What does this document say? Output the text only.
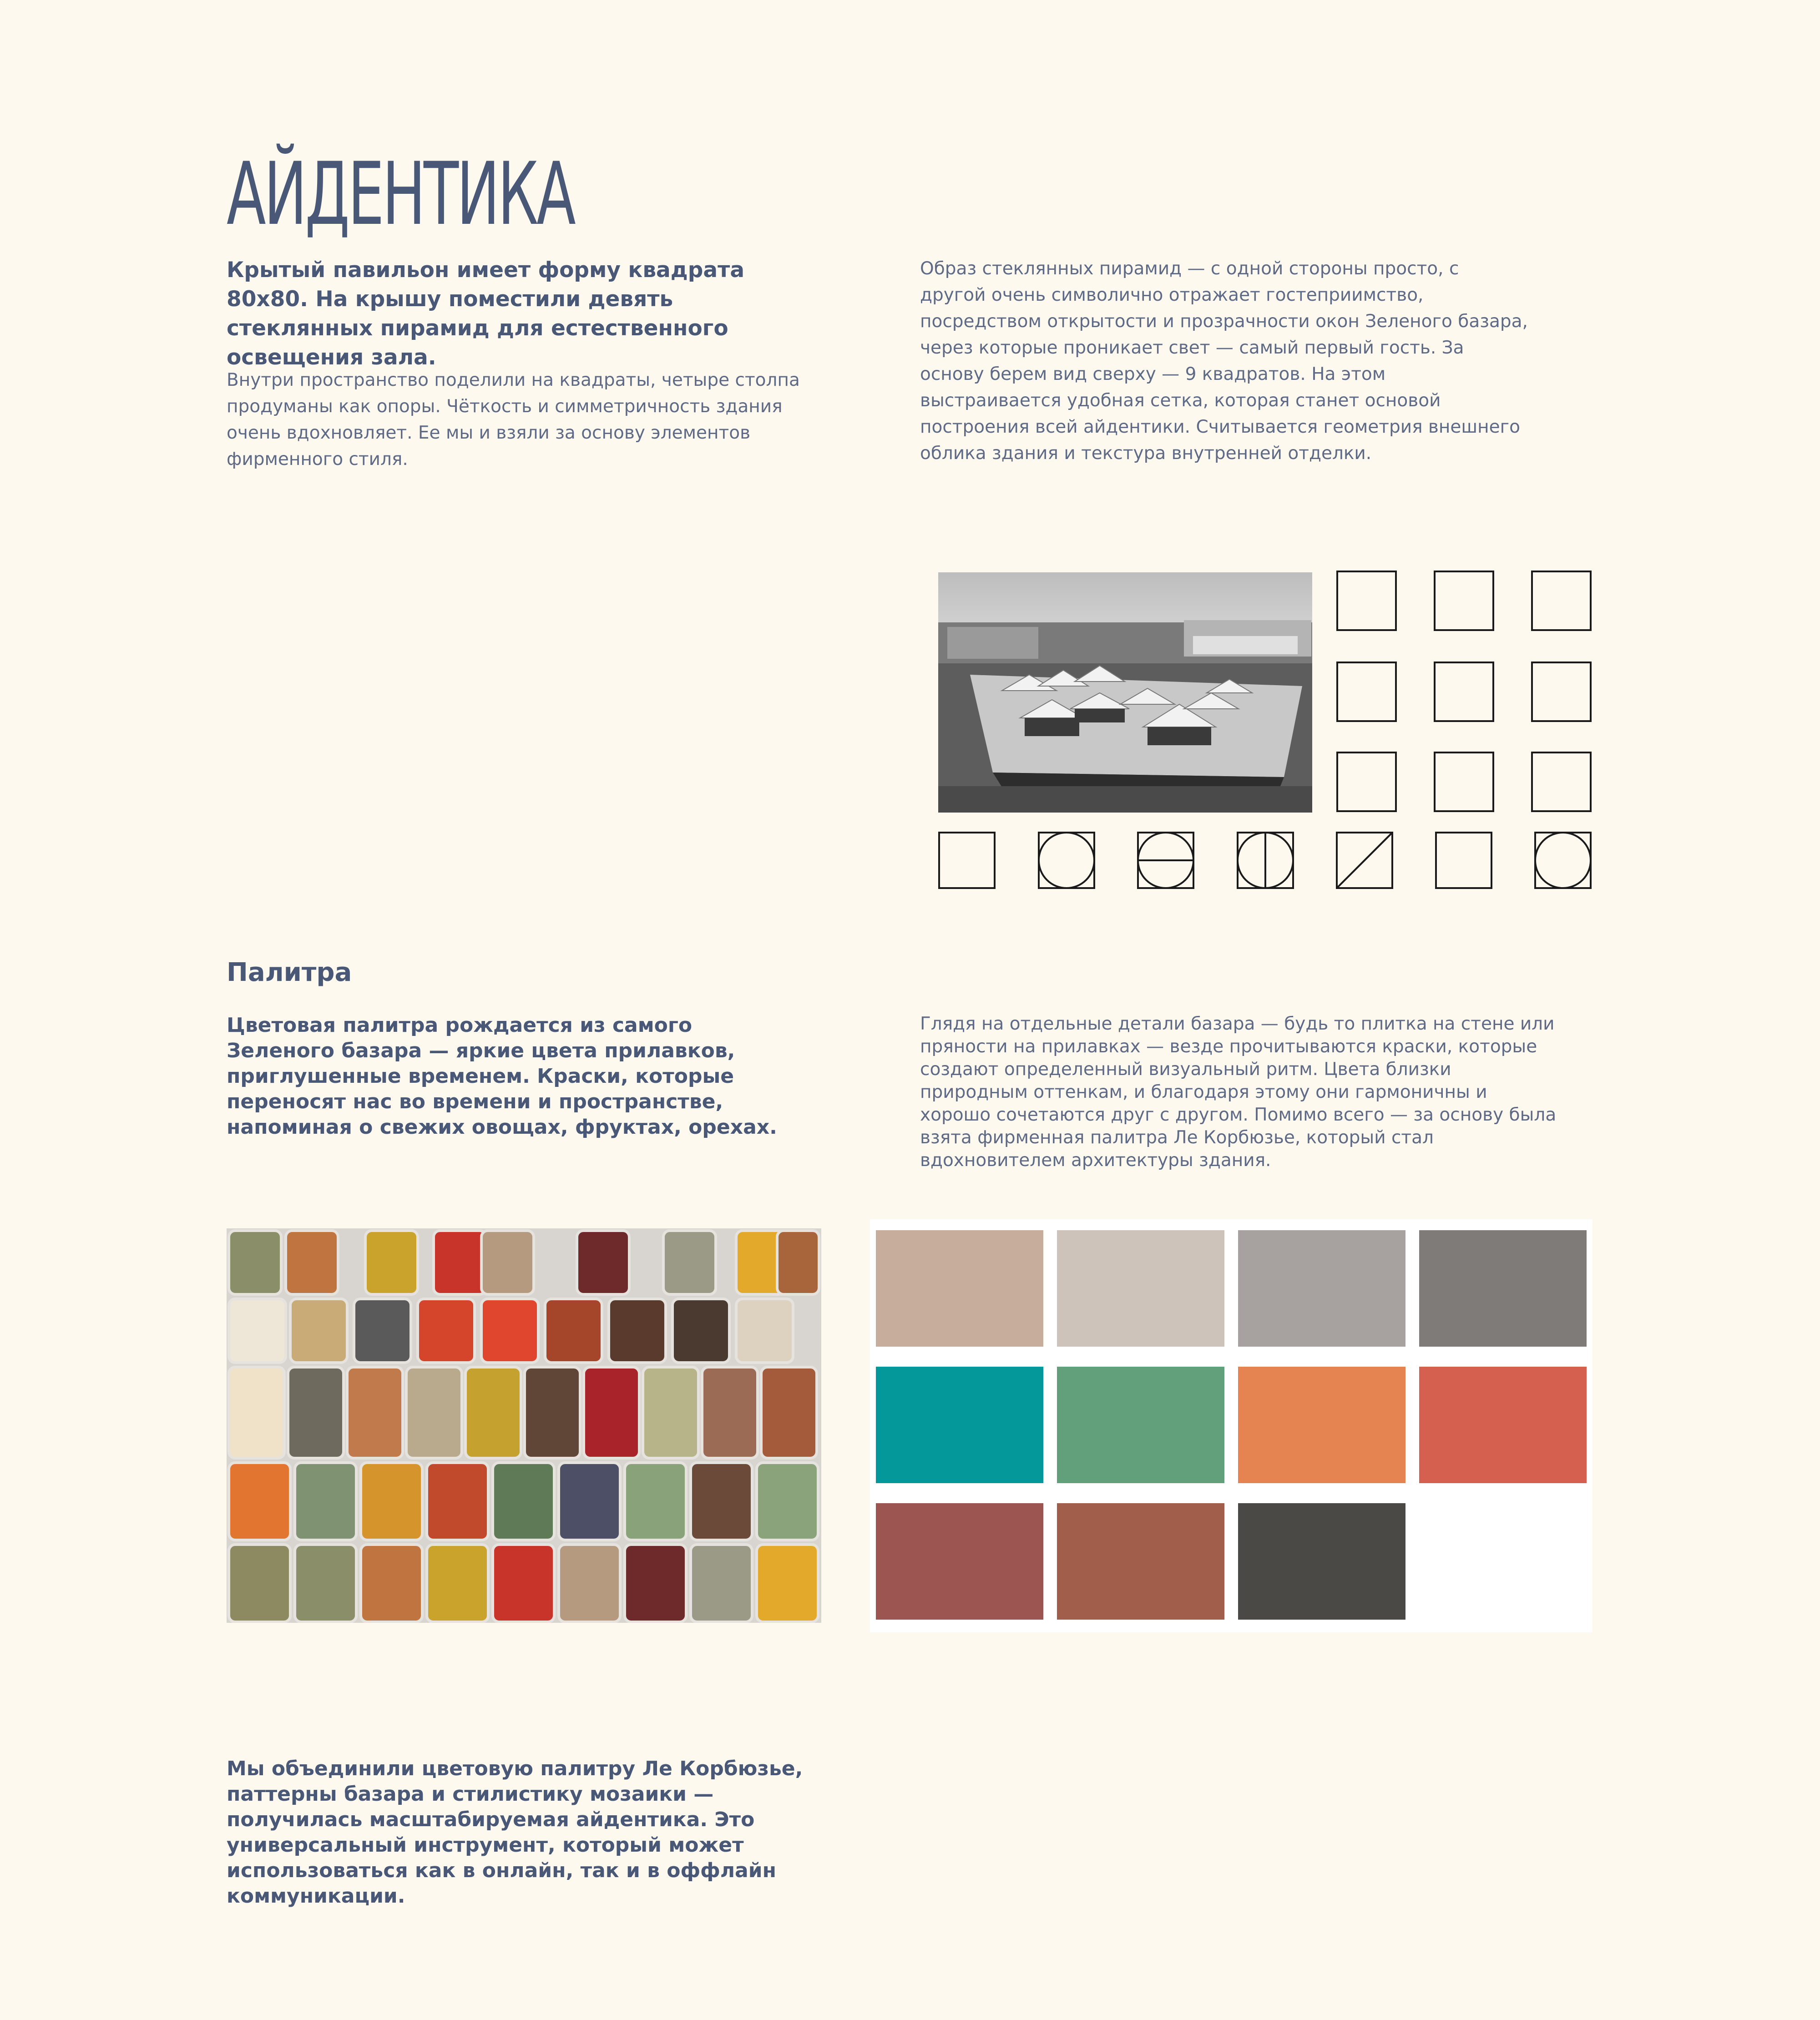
АЙДЕНТИКА
Крытый павильон имеет форму квадрата 80х80. На крышу поместили девять стеклянных пирамид для естественного освещения зала.
Внутри пространство поделили на квадраты, четыре столпа продуманы как опоры. Чёткость и симметричность здания очень вдохновляет. Ее мы и взяли за основу элементов фирменного стиля.
Образ стеклянных пирамид — с одной стороны просто, с другой очень символично отражает гостеприимство, посредством открытости и прозрачности окон Зеленого базара, через которые проникает свет — самый первый гость. За основу берем вид сверху — 9 квадратов. На этом выстраивается удобная сетка, которая станет основой построения всей айдентики. Считывается геометрия внешнего облика здания и текстура внутренней отделки.
Палитра
Цветовая палитра рождается из самого Зеленого базара — яркие цвета прилавков, приглушенные временем. Краски, которые переносят нас во времени и пространстве, напоминая о свежих овощах, фруктах, орехах.
Глядя на отдельные детали базара — будь то плитка на стене или пряности на прилавках — везде прочитываются краски, которые создают определенный визуальный ритм. Цвета близки природным оттенкам, и благодаря этому они гармоничны и хорошо сочетаются друг с другом. Помимо всего — за основу была взята фирменная палитра Ле Корбюзье, который стал вдохновителем архитектуры здания.
Мы объединили цветовую палитру Ле Корбюзье, паттерны базара и стилистику мозаики — получилась масштабируемая айдентика. Это универсальный инструмент, который может использоваться как в онлайн, так и в оффлайн коммуникации.
